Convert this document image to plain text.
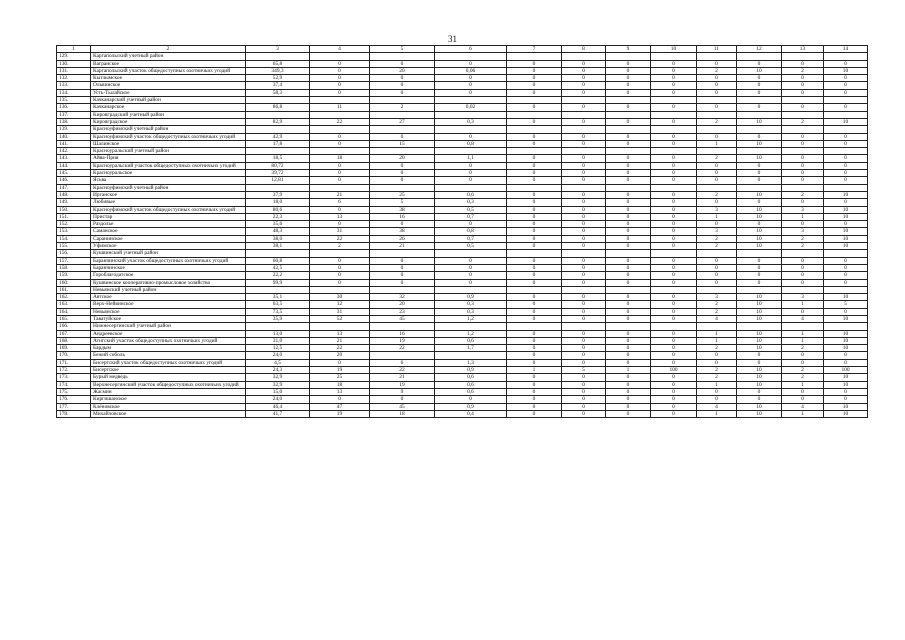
31
1	2	3	4	5	6	7	8	9	10	11	12	13	14
129.	Каргапольский учетный район												
130.	Вагранское	65,8	0	0	0	0	0	0	0	0	0	0	0
131.	Каргапольский участок общедоступных охотничьих угодий	349,3	0	20	0,06	0	0	0	0	2	10	2	10
132.	Кытлымское	52,9	0	0	0	0	0	0	0	0	0	0	0
133.	Ольвинское	37,4	0	0	0	0	0	0	0	0	0	0	0
134.	Усть-Тылайское	58,3	0	0	0	0	0	0	0	0	0	0	0
135.	Качканарский учетный район												
136.	Качканарское	86,8	11	2	0,02	0	0	0	0	0	0	0	0
137.	Кировградский учетный район												
138.	Кировградское	82,9	22	27	0,3	0	0	0	0	2	10	2	10
139.	Красноуфимский учетный район												
140.	Красноуфимский участок общедоступных охотничьих угодий	42,9	0	0	0	0	0	0	0	0	0	0	0
141.	Шалинское	17,8	0	15	0,8	0	0	0	0	1	10	0	0
142.	Красноуральский учетный район												
143.	Айва-Прия	18,5	18	20	1,1	0	0	0	0	2	10	0	0
144.	Красноуральский участок общедоступных охотничьих угодий	80,72	0	0	0	0	0	0	0	0	0	0	0
145.	Красноуральское	39,72	0	0	0	0	0	0	0	0	0	0	0
146.	Ясьва	12,81	0	0	0	0	0	0	0	0	0	0	0
147.	Красноуфимский учетный район												
148.	Ирганское	37,9	21	25	0,6	0	0	0	0	2	10	2	10
149.	Любивые	18,0	6	5	0,3	0	0	0	0	0	0	0	0
150.	Красноуфимский участок общедоступных охотничьих угодий	80,6	0	38	0,5	0	0	0	0	3	10	3	10
151.	Пристар	22,3	13	16	0,7	0	0	0	0	1	10	1	10
152.	Раздолье	35,6	0	0	0	0	0	0	0	0	0	0	0
153.	Саманское	48,3	31	38	0,8	0	0	0	0	3	10	3	10
154.	Саранинское	38,0	22	26	0,7	0	0	0	0	2	10	2	10
155.	Уфимское	38,1	2	21	0,5	0	0	0	0	2	10	2	10
156.	Кушвинский учетный район												
157.	Баранчинский участок общедоступных охотничьих угодий	60,8	0	0	0	0	0	0	0	0	0	0	0
158.	Баранчинское	42,5	0	0	0	0	0	0	0	0	0	0	0
159.	Гороблагодатское	22,2	0	0	0	0	0	0	0	0	0	0	0
160.	Кушвинское кооперативно-промысловое хозяйство	99,9	0	0	0	0	0	0	0	0	0	0	0
161.	Невьянский учетный район												
162.	Аятское	35,1	30	32	0,9	0	0	0	0	3	10	3	10
163.	Верх-Нейвинское	63,5	12	20	0,3	0	0	0	0	2	10	1	5
164.	Невьянское	73,5	31	23	0,3	0	0	0	0	2	10	0	0
165.	Таватуйское	35,9	52	45	1,2	0	0	0	0	4	10	4	10
166.	Нижнесергинский учетный район												
167.	Андреевское	13,0	13	16	1,2	0	0	0	0	1	10	1	10
168.	Атигский участок общедоступных охотничьих угодий	31,0	21	19	0,6	0	0	0	0	1	10	1	10
169.	Бардым	12,5	22	22	1,7	0	0	0	0	2	10	2	10
170.	Бежий соболь	24,0	20			0	0	0	0	0	0	0	0
171.	Бисертский участок общедоступных охотничьих угодий	4,5	0	6	1,3	0	0	0	0	0	0	0	0
172.	Бисертское	24,3	19	22	0,9	1	5	1	100	2	10	2	100
173.	Бурый медведь	32,9	25	21	0,6	0	0	0	0	2	10	2	10
174.	Верхнесергинский участок общедоступных охотничьих угодий	32,9	18	19	0,6	0	0	0	0	1	10	1	10
175.	Жасмин	15,0	13	9	0,6	0	0	0	0	0	0	0	0
176.	Киргишанское	24,0	0	0	0	0	0	0	0	0	0	0	0
177.	Клёновское	46,4	47	45	0,9	0	0	0	0	4	10	4	10
178.	Михайловское	41,7	19	18	0,4	0	0	0	0	1	10	1	10
